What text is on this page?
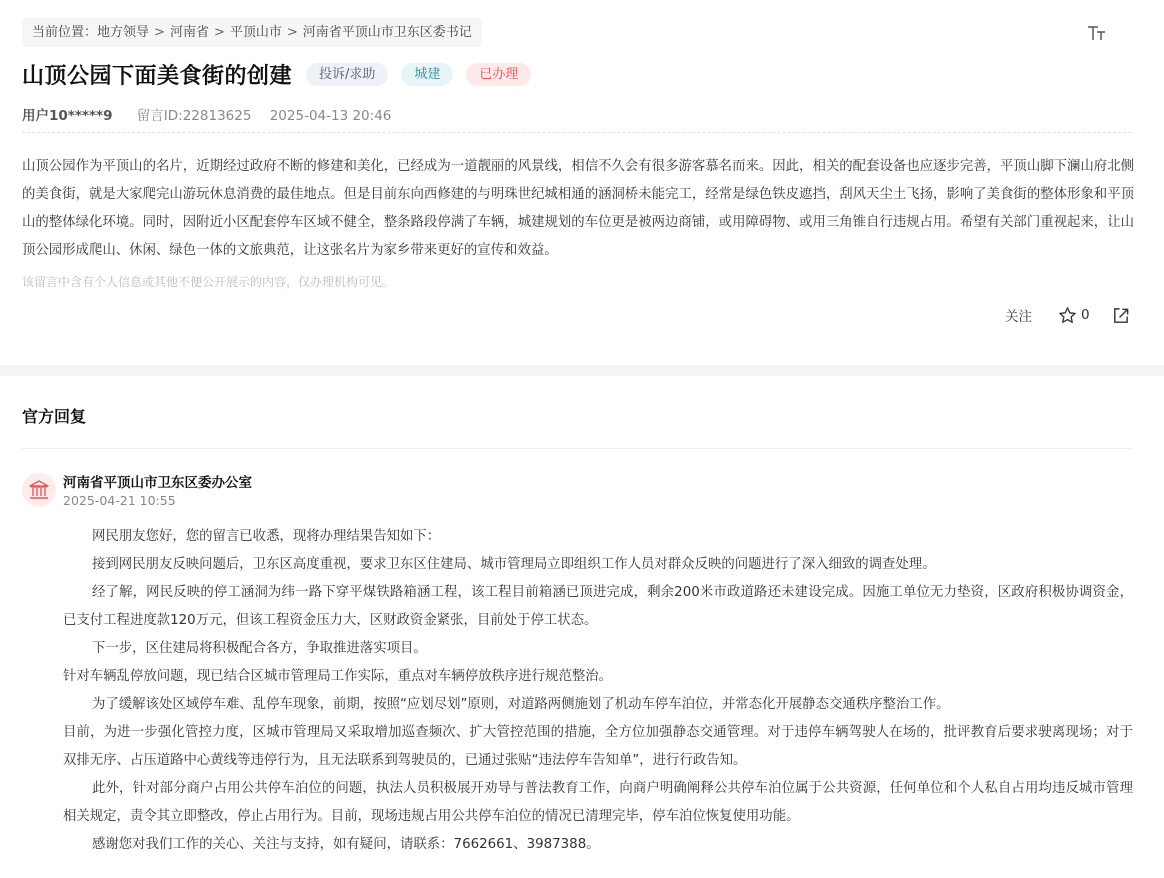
当前位置：地方领导 > 河南省 > 平顶山市 > 河南省平顶山市卫东区委书记
山顶公园下面美食街的创建	投诉/求助	城建	已办理
用户10*****9 留言ID:22813625 2025-04-13 20:46
山顶公园作为平顶山的名片，近期经过政府不断的修建和美化，已经成为一道靓丽的风景线，相信不久会有很多游客慕名而来。因此，相关的配套设备也应逐步完善，平顶山脚下澜山府北侧的美食街，就是大家爬完山游玩休息消费的最佳地点。但是目前东向西修建的与明珠世纪城相通的涵洞桥未能完工，经常是绿色铁皮遮挡，刮风天尘土飞扬，影响了美食街的整体形象和平顶山的整体绿化环境。同时，因附近小区配套停车区域不健全，整条路段停满了车辆，城建规划的车位更是被两边商铺，或用障碍物、或用三角锥自行违规占用。希望有关部门重视起来，让山顶公园形成爬山、休闲、绿色一体的文旅典范，让这张名片为家乡带来更好的宣传和效益。
该留言中含有个人信息或其他不便公开展示的内容，仅办理机构可见。
关注	0
官方回复
河南省平顶山市卫东区委办公室
2025-04-21 10:55

网民朋友您好，您的留言已收悉，现将办理结果告知如下：

接到网民朋友反映问题后，卫东区高度重视，要求卫东区住建局、城市管理局立即组织工作人员对群众反映的问题进行了深入细致的调查处理。

经了解，网民反映的停工涵洞为纬一路下穿平煤铁路箱涵工程，该工程目前箱涵已顶进完成，剩余200米市政道路还未建设完成。因施工单位无力垫资，区政府积极协调资金，已支付工程进度款120万元，但该工程资金压力大，区财政资金紧张，目前处于停工状态。

下一步，区住建局将积极配合各方，争取推进落实项目。

针对车辆乱停放问题，现已结合区城市管理局工作实际，重点对车辆停放秩序进行规范整治。

为了缓解该处区域停车难、乱停车现象，前期，按照“应划尽划”原则，对道路两侧施划了机动车停车泊位，并常态化开展静态交通秩序整治工作。

目前，为进一步强化管控力度，区城市管理局又采取增加巡查频次、扩大管控范围的措施，全方位加强静态交通管理。对于违停车辆驾驶人在场的，批评教育后要求驶离现场；对于双排无序、占压道路中心黄线等违停行为，且无法联系到驾驶员的，已通过张贴“违法停车告知单”，进行行政告知。

此外，针对部分商户占用公共停车泊位的问题，执法人员积极展开劝导与普法教育工作，向商户明确阐释公共停车泊位属于公共资源，任何单位和个人私自占用均违反城市管理相关规定，责令其立即整改，停止占用行为。目前，现场违规占用公共停车泊位的情况已清理完毕，停车泊位恢复使用功能。

感谢您对我们工作的关心、关注与支持，如有疑问，请联系：7662661、3987388。
